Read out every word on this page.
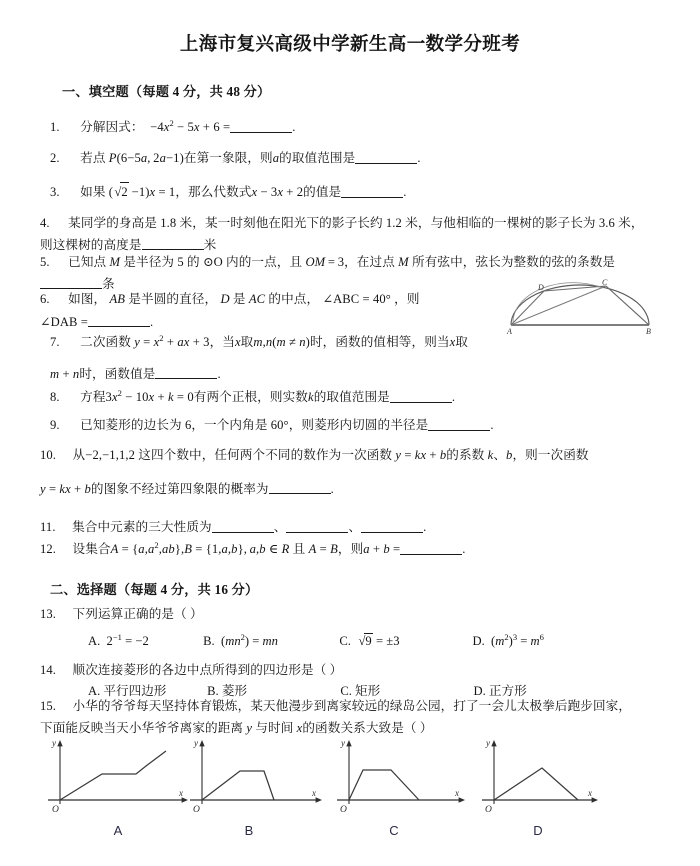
上海市复兴高级中学新生高一数学分班考
一、填空题（每题 4 分，共 48 分）
1. 分解因式：  $-4x^2 - 5x + 6$ =	.
2. 若点 P(6−5a, 2a−1)在第一象限，则a的取值范围是	.
3. 如果 (√2 −1)x = 1，那么代数式x − 3x + 2的值是	.
4. 某同学的身高是 1.8 米，某一时刻他在阳光下的影子长约 1.2 米，与他相临的一棵树的影子长为 3.6 米，
则这棵树的高度是	米
5. 已知点 M 是半径为 5 的 ⊙O 内的一点，且 OM = 3，在过点 M 所有弦中，弦长为整数的弦的条数是
条
6. 如图， AB 是半圆的直径， D 是 AC 的中点， ∠ABC = 40° ，则
∠DAB =	.
A	B
C
D
7. 二次函数 $y = x^2$ + ax + 3，当x取m,n(m ≠ n)时，函数的值相等，则当x取
m + n时，函数值是	.
8. 方程$3x^2 - 10x + k = 0$有两个正根，则实数k的取值范围是	.
9. 已知菱形的边长为 6，一个内角是 60°，则菱形内切圆的半径是	.
10. 从−2,−1,1,2 这四个数中，任何两个不同的数作为一次函数 y = kx + b的系数 k、b，则一次函数
y = kx + b的图象不经过第四象限的概率为	.
11. 集合中元素的三大性质为	、	、	.
12. 设集合$A = \{a,a^2,ab\},B = \{1,a,b\}$, a,b ∈ R 且 A = B，则a + b =	.
二、选择题（每题 4 分，共 16 分）
13. 下列运算正确的是（ ）
A.  $2^{-1} = -2$	B.  $(mn^2)$ = mn	C. √9 = ±3	D.  $(m^2)^3 = m^6$
14. 顺次连接菱形的各边中点所得到的四边形是（ ）
A. 平行四边形	B. 菱形	C. 矩形	D. 正方形
15. 小华的爷爷每天坚持体育锻炼，某天他漫步到离家较远的绿岛公园，打了一会儿太极拳后跑步回家，
下面能反映当天小华爷爷离家的距离 y 与时间 x的函数关系大致是（ ）
O
y
x
A
O
y
x
B
O
y
x
C
O
y
x
D
